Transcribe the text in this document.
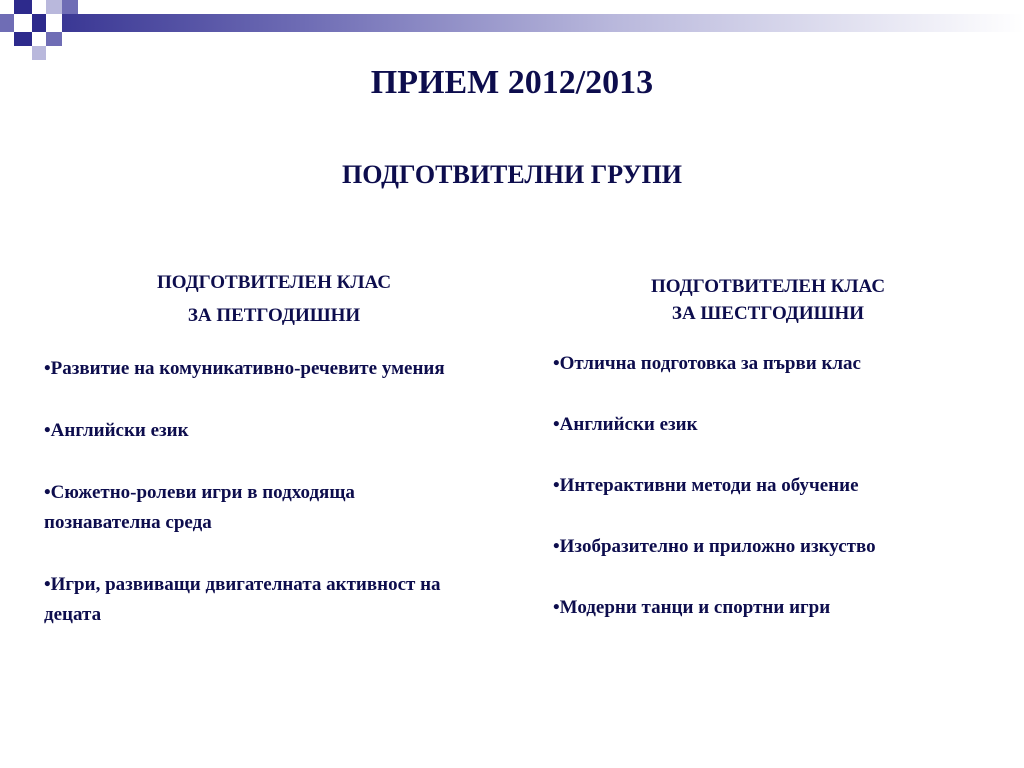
ПРИЕМ 2012/2013
ПОДГОТВИТЕЛНИ ГРУПИ
ПОДГОТВИТЕЛЕН КЛАС
ЗА ПЕТГОДИШНИ
•Развитие на комуникативно-речевите умения
•Английски език
•Сюжетно-ролеви игри в подходяща познавателна среда
•Игри, развиващи двигателната активност на децата
ПОДГОТВИТЕЛЕН КЛАС
ЗА ШЕСТГОДИШНИ
•Отлична подготовка за първи клас
•Английски език
•Интерактивни методи на обучение
•Изобразително и приложно изкуство
•Модерни танци и спортни игри
